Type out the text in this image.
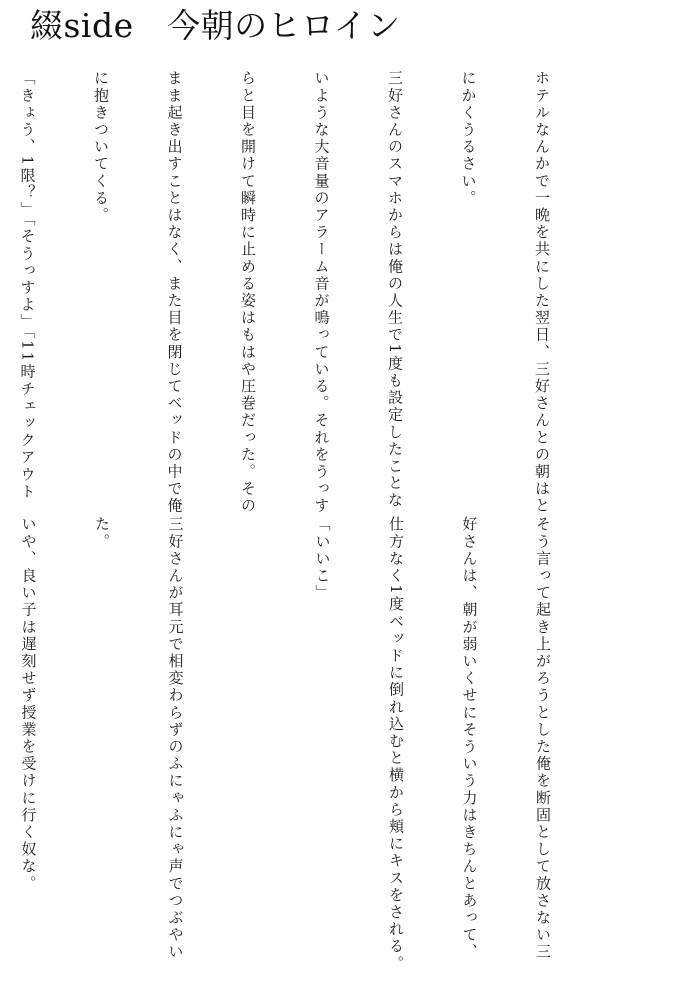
綴side　今朝のヒロイン

ホテルなんかで一晩を共にした翌日、三好さんとの朝はと

にかくうるさい。

三好さんのスマホからは俺の人生で1度も設定したことな

いような大音量のアラーム音が鳴っている。それをうっす

らと目を開けて瞬時に止める姿はもはや圧巻だった。その

まま起き出すことはなく、また目を閉じてベッドの中で俺

に抱きついてくる。

「きょう、1限？」「そうっすよ」「11時チェックアウト

そう言って起き上がろうとした俺を断固として放さない三

好さんは、朝が弱いくせにそういう力はきちんとあって、

仕方なく1度ベッドに倒れ込むと横から頬にキスをされる。

「いいこ」

三好さんが耳元で相変わらずのふにゃふにゃ声でつぶやい

た。

いや、良い子は遅刻せず授業を受けに行く奴な。
